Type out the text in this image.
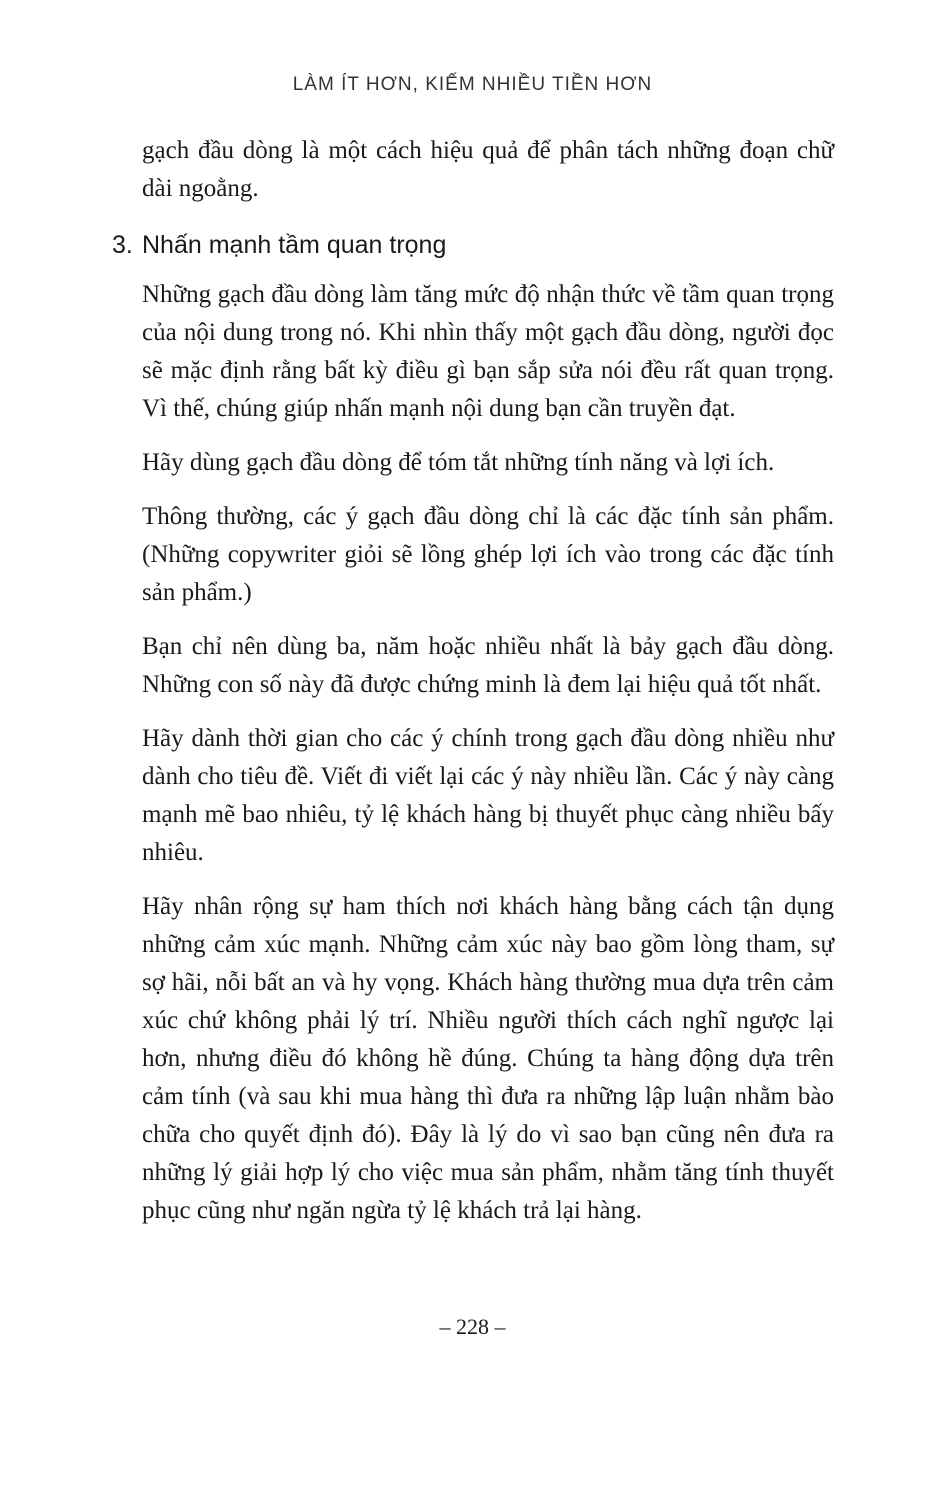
LÀM ÍT HƠN, KIẾM NHIỀU TIỀN HƠN

gạch đầu dòng là một cách hiệu quả để phân tách những đoạn chữ dài ngoằng.

3. Nhấn mạnh tầm quan trọng

Những gạch đầu dòng làm tăng mức độ nhận thức về tầm quan trọng của nội dung trong nó. Khi nhìn thấy một gạch đầu dòng, người đọc sẽ mặc định rằng bất kỳ điều gì bạn sắp sửa nói đều rất quan trọng. Vì thế, chúng giúp nhấn mạnh nội dung bạn cần truyền đạt.

Hãy dùng gạch đầu dòng để tóm tắt những tính năng và lợi ích.

Thông thường, các ý gạch đầu dòng chỉ là các đặc tính sản phẩm. (Những copywriter giỏi sẽ lồng ghép lợi ích vào trong các đặc tính sản phẩm.)

Bạn chỉ nên dùng ba, năm hoặc nhiều nhất là bảy gạch đầu dòng. Những con số này đã được chứng minh là đem lại hiệu quả tốt nhất.

Hãy dành thời gian cho các ý chính trong gạch đầu dòng nhiều như dành cho tiêu đề. Viết đi viết lại các ý này nhiều lần. Các ý này càng mạnh mẽ bao nhiêu, tỷ lệ khách hàng bị thuyết phục càng nhiều bấy nhiêu.

Hãy nhân rộng sự ham thích nơi khách hàng bằng cách tận dụng những cảm xúc mạnh. Những cảm xúc này bao gồm lòng tham, sự sợ hãi, nỗi bất an và hy vọng. Khách hàng thường mua dựa trên cảm xúc chứ không phải lý trí. Nhiều người thích cách nghĩ ngược lại hơn, nhưng điều đó không hề đúng. Chúng ta hàng động dựa trên cảm tính (và sau khi mua hàng thì đưa ra những lập luận nhằm bào chữa cho quyết định đó). Đây là lý do vì sao bạn cũng nên đưa ra những lý giải hợp lý cho việc mua sản phẩm, nhằm tăng tính thuyết phục cũng như ngăn ngừa tỷ lệ khách trả lại hàng.

– 228 –
